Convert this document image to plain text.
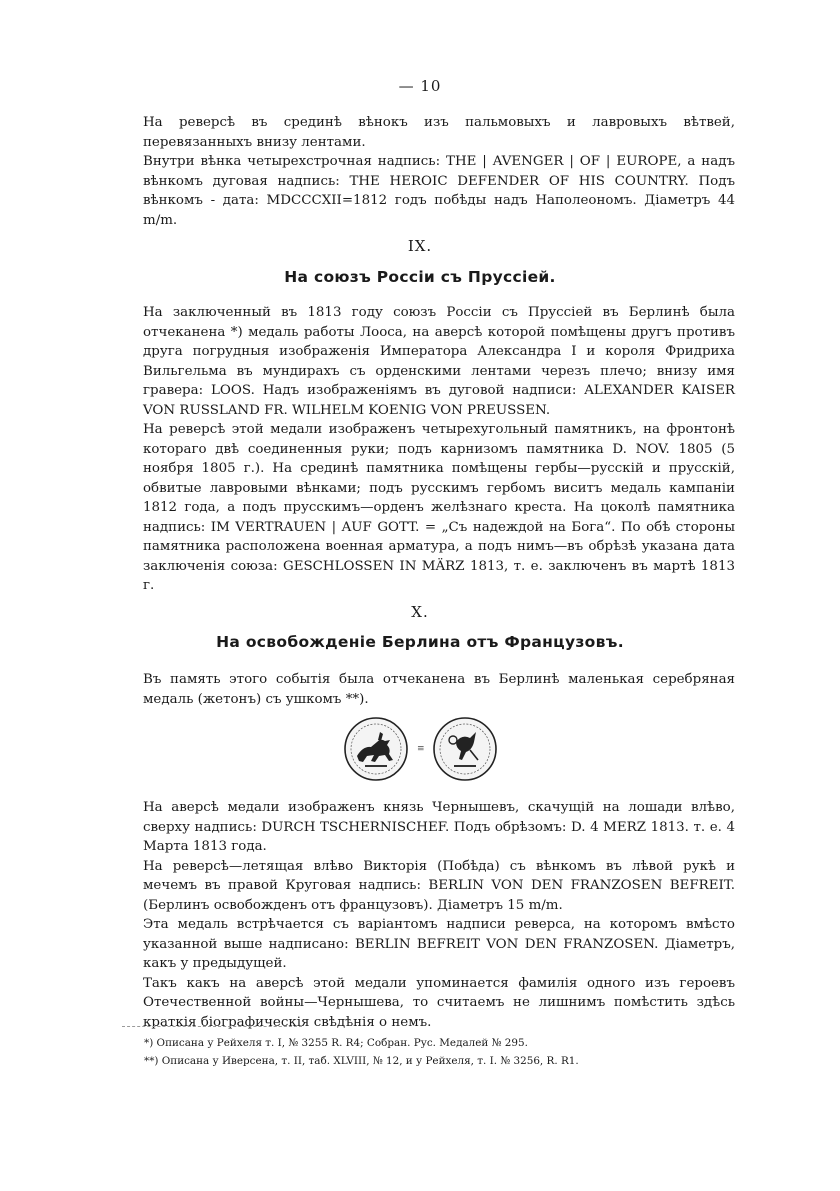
— 10

На реверсѣ въ срединѣ вѣнокъ изъ пальмовыхъ и лавровыхъ вѣтвей, перевязанныхъ внизу лентами.

Внутри вѣнка четырехстрочная надпись: THE | AVENGER | OF | EUROPE, а надъ вѣнкомъ дуговая надпись: THE HEROIC DEFENDER OF HIS COUNTRY. Подъ вѣнкомъ - дата: MDCCCXII=1812 годъ побѣды надъ Наполеономъ. Діаметръ 44 m/m.

IX.
На союзъ Россіи съ Пруссіей.

На заключенный въ 1813 году союзъ Россіи съ Пруссіей въ Берлинѣ была отчеканена *) медаль работы Лооса, на аверсѣ которой помѣщены другъ противъ друга погрудныя изображенія Императора Александра I и короля Фридриха Вильгельма въ мундирахъ съ орденскими лентами черезъ плечо; внизу имя гравера: LOOS. Надъ изображеніямъ въ дуговой надписи: ALEXANDER KAISER VON RUSSLAND FR. WILHELM KOENIG VON PREUSSEN.

На реверсѣ этой медали изображенъ четырехугольный памятникъ, на фронтонѣ котораго двѣ соединенныя руки; подъ карнизомъ памятника D. NOV. 1805 (5 ноября 1805 г.). На срединѣ памятника помѣщены гербы—русскій и прусскій, обвитые лавровыми вѣнками; подъ русскимъ гербомъ виситъ медаль кампаніи 1812 года, а подъ прусскимъ—орденъ желѣзнаго креста. На цоколѣ памятника надпись: IM VERTRAUEN | AUF GOTT. = „Съ надеждой на Бога“. По обѣ стороны памятника расположена военная арматура, а подъ нимъ—въ обрѣзѣ указана дата заключенія союза: GESCHLOSSEN IN MÄRZ 1813, т. е. заключенъ въ мартѣ 1813 г.

X.
На освобожденіе Берлина отъ Французовъ.

Въ память этого событія была отчеканена въ Берлинѣ маленькая серебряная медаль (жетонъ) съ ушкомъ **).

≡

На аверсѣ медали изображенъ князь Чернышевъ, скачущій на лошади влѣво, сверху надпись: DURCH TSCHERNISCHEF. Подъ обрѣзомъ: D. 4 MERZ 1813. т. е. 4 Марта 1813 года.

На реверсѣ—летящая влѣво Викторія (Побѣда) съ вѣнкомъ въ лѣвой рукѣ и мечемъ въ правой Круговая надпись: BERLIN VON DEN FRANZOSEN BEFREIT. (Берлинъ освобожденъ отъ французовъ). Діаметръ 15 m/m.

Эта медаль встрѣчается съ варіантомъ надписи реверса, на которомъ вмѣсто указанной выше надписано: BERLIN BEFREIT VON DEN FRANZOSEN. Діаметръ, какъ у предыдущей.

Такъ какъ на аверсѣ этой медали упоминается фамилія одного изъ героевъ Отечественной войны—Чернышева, то считаемъ не лишнимъ помѣстить здѣсь краткія біографическія свѣдѣнія о немъ.

*) Описана у Рейхеля т. I, № 3255 R. R4; Собран. Рус. Медалей № 295.
**) Описана у Иверсена, т. II, таб. XLVIII, № 12, и у Рейхеля, т. I. № 3256, R. R1.
